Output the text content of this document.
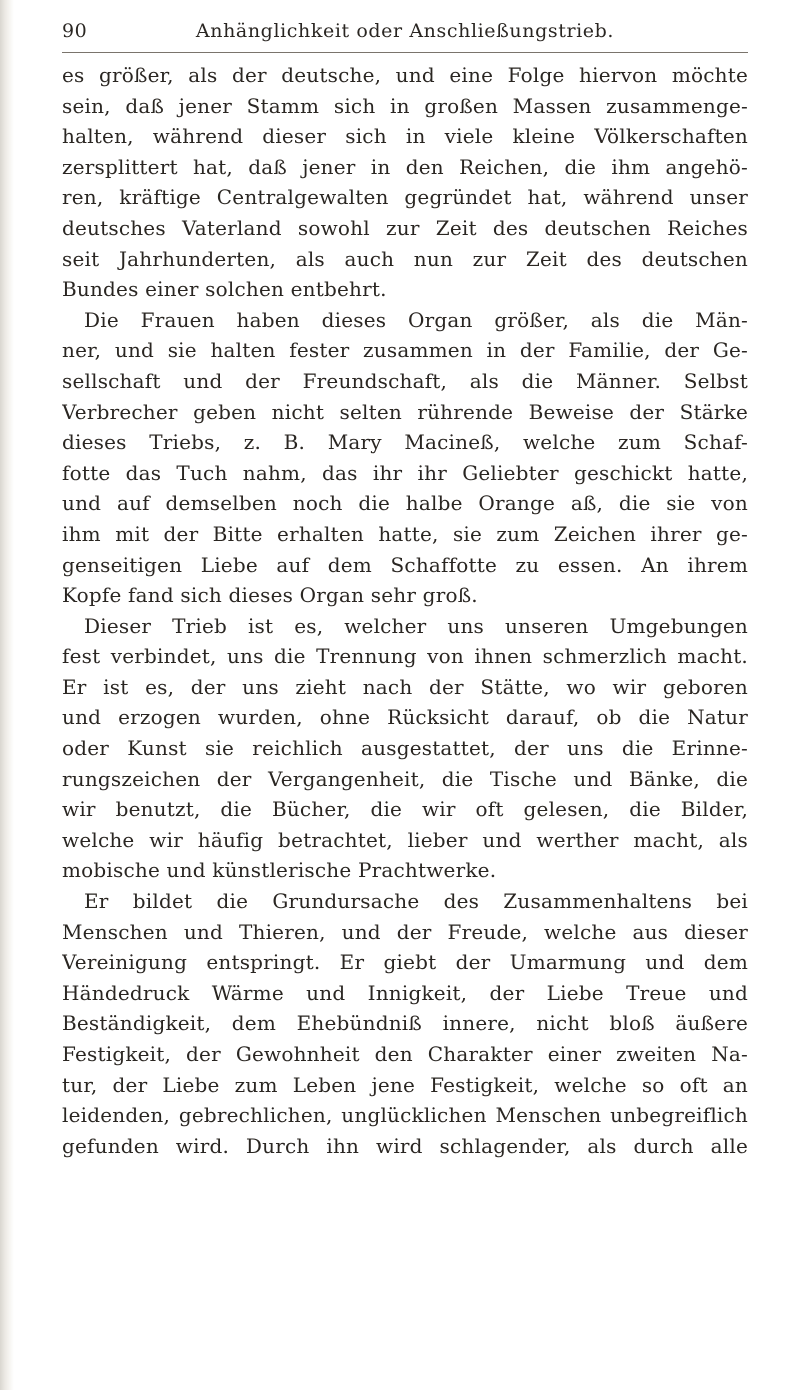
90	Anhänglichkeit oder Anschließungstrieb.
es größer, als der deutsche, und eine Folge hiervon möchte
sein, daß jener Stamm sich in großen Massen zusammenge-
halten, während dieser sich in viele kleine Völkerschaften
zersplittert hat, daß jener in den Reichen, die ihm angehö-
ren, kräftige Centralgewalten gegründet hat, während unser
deutsches Vaterland sowohl zur Zeit des deutschen Reiches
seit Jahrhunderten, als auch nun zur Zeit des deutschen
Bundes einer solchen entbehrt.
Die Frauen haben dieses Organ größer, als die Män-
ner, und sie halten fester zusammen in der Familie, der Ge-
sellschaft und der Freundschaft, als die Männer. Selbst
Verbrecher geben nicht selten rührende Beweise der Stärke
dieses Triebs, z. B. Mary Macineß, welche zum Schaf-
fotte das Tuch nahm, das ihr ihr Geliebter geschickt hatte,
und auf demselben noch die halbe Orange aß, die sie von
ihm mit der Bitte erhalten hatte, sie zum Zeichen ihrer ge-
genseitigen Liebe auf dem Schaffotte zu essen. An ihrem
Kopfe fand sich dieses Organ sehr groß.
Dieser Trieb ist es, welcher uns unseren Umgebungen
fest verbindet, uns die Trennung von ihnen schmerzlich macht.
Er ist es, der uns zieht nach der Stätte, wo wir geboren
und erzogen wurden, ohne Rücksicht darauf, ob die Natur
oder Kunst sie reichlich ausgestattet, der uns die Erinne-
rungszeichen der Vergangenheit, die Tische und Bänke, die
wir benutzt, die Bücher, die wir oft gelesen, die Bilder,
welche wir häufig betrachtet, lieber und werther macht, als
mobische und künstlerische Prachtwerke.
Er bildet die Grundursache des Zusammenhaltens bei
Menschen und Thieren, und der Freude, welche aus dieser
Vereinigung entspringt. Er giebt der Umarmung und dem
Händedruck Wärme und Innigkeit, der Liebe Treue und
Beständigkeit, dem Ehebündniß innere, nicht bloß äußere
Festigkeit, der Gewohnheit den Charakter einer zweiten Na-
tur, der Liebe zum Leben jene Festigkeit, welche so oft an
leidenden, gebrechlichen, unglücklichen Menschen unbegreiflich
gefunden wird. Durch ihn wird schlagender, als durch alle
